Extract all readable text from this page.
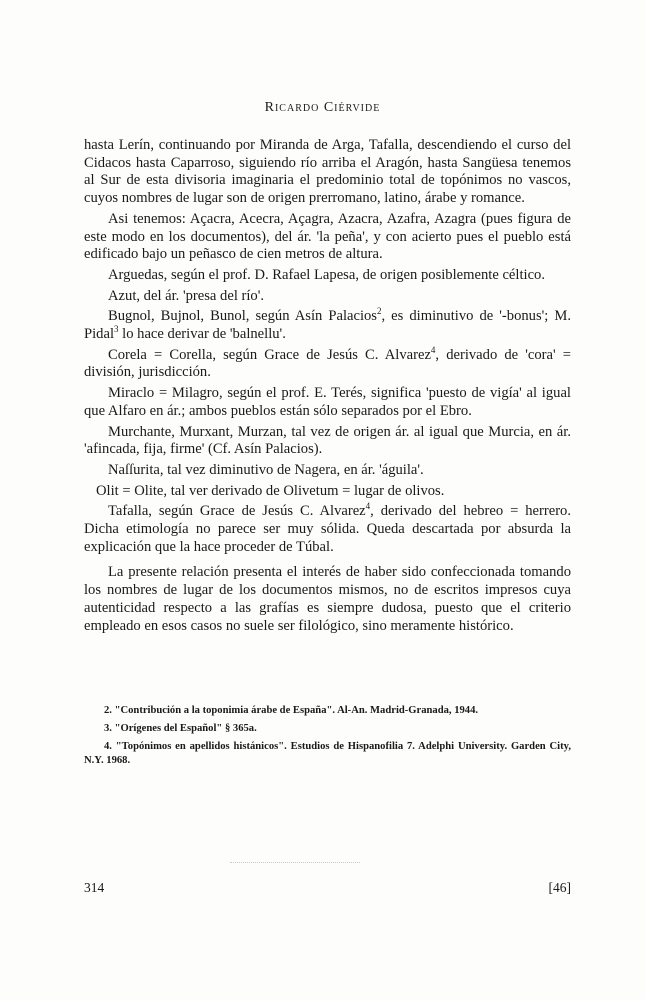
Ricardo Ciérvide

hasta Lerín, continuando por Miranda de Arga, Tafalla, descendiendo el curso del Cidacos hasta Caparroso, siguiendo río arriba el Aragón, hasta Sangüesa tenemos al Sur de esta divisoria imaginaria el predominio total de topónimos no vascos, cuyos nombres de lugar son de origen prerromano, latino, árabe y romance.

Asi tenemos: Açacra, Acecra, Açagra, Azacra, Azafra, Azagra (pues figura de este modo en los documentos), del ár. 'la peña', y con acierto pues el pueblo está edificado bajo un peñasco de cien metros de altura.

Arguedas, según el prof. D. Rafael Lapesa, de origen posiblemente céltico.

Azut, del ár. 'presa del río'.

Bugnol, Bujnol, Bunol, según Asín Palacios$^2$, es diminutivo de '-bonus'; M. Pidal$^3$ lo hace derivar de 'balnellu'.

Corela = Corella, según Grace de Jesús C. Alvarez$^4$, derivado de 'cora' = división, jurisdicción.

Miraclo = Milagro, según el prof. E. Terés, significa 'puesto de vigía' al igual que Alfaro en ár.; ambos pueblos están sólo separados por el Ebro.

Murchante, Murxant, Murzan, tal vez de origen ár. al igual que Murcia, en ár. 'afincada, fija, firme' (Cf. Asín Palacios).

Naſſurita, tal vez diminutivo de Nagera, en ár. 'águila'.

Olit = Olite, tal ver derivado de Olivetum = lugar de olivos.

Tafalla, según Grace de Jesús C. Alvarez$^4$, derivado del hebreo = herrero. Dicha etimología no parece ser muy sólida. Queda descartada por absurda la explicación que la hace proceder de Túbal.

La presente relación presenta el interés de haber sido confeccionada tomando los nombres de lugar de los documentos mismos, no de escritos impresos cuya autenticidad respecto a las grafías es siempre dudosa, puesto que el criterio empleado en esos casos no suele ser filológico, sino meramente histórico.

2. "Contribución a la toponimia árabe de España". Al-An. Madrid-Granada, 1944.

3. "Orígenes del Español" § 365a.

4. "Topónimos en apellidos histánicos". Estudios de Hispanofilia 7. Adelphi University. Garden City, N.Y. 1968.

314	[46]
